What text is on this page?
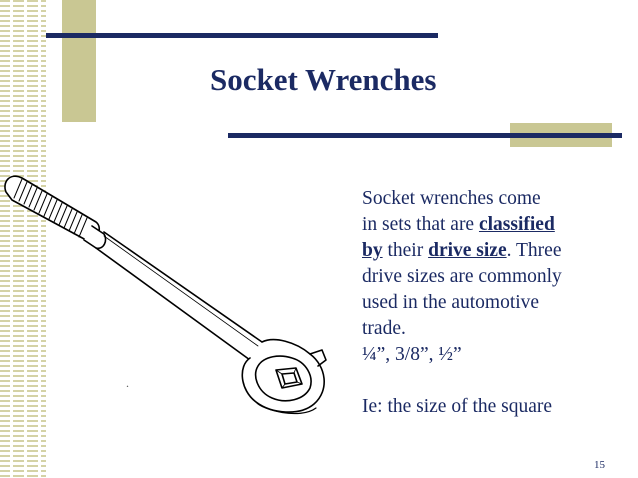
Socket Wrenches
.
Socket wrenches come
in sets that are classified
by their drive size. Three
drive sizes are commonly
used in the automotive
trade.
¼”, 3/8”, ½”
Ie: the size of the square
15
